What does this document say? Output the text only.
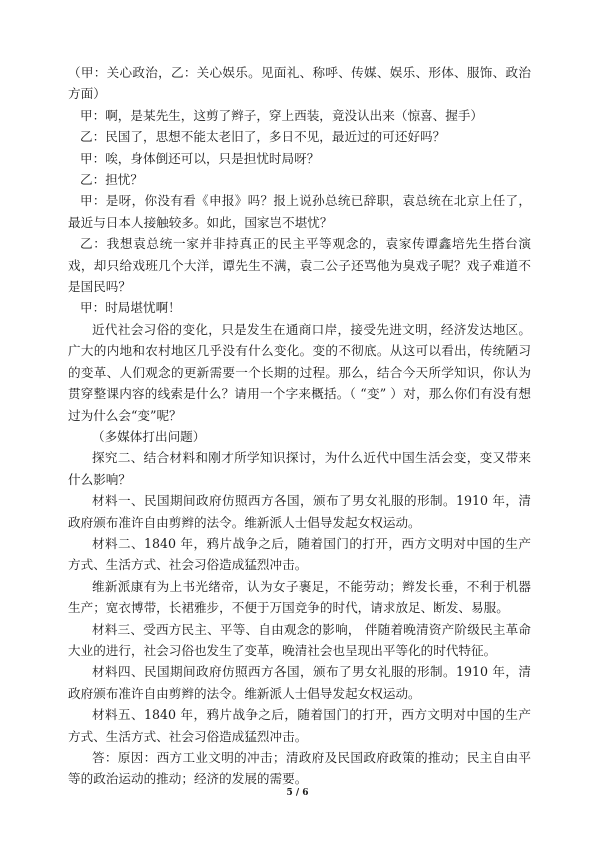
（甲：关心政治，乙：关心娱乐。见面礼、称呼、传媒、娱乐、形体、服饰、政治方面）

甲：啊，是某先生，这剪了辫子，穿上西装，竟没认出来（惊喜、握手）

乙：民国了，思想不能太老旧了，多日不见，最近过的可还好吗？

甲：唉，身体倒还可以，只是担忧时局呀？

乙：担忧？

甲：是呀，你没有看《申报》吗？报上说孙总统已辞职，袁总统在北京上任了，最近与日本人接触较多。如此，国家岂不堪忧？

乙：我想袁总统一家并非持真正的民主平等观念的，袁家传谭鑫培先生搭台演戏，却只给戏班几个大洋，谭先生不满，袁二公子还骂他为臭戏子呢？戏子难道不是国民吗？

甲：时局堪忧啊！

近代社会习俗的变化，只是发生在通商口岸，接受先进文明，经济发达地区。广大的内地和农村地区几乎没有什么变化。变的不彻底。从这可以看出，传统陋习的变革、人们观念的更新需要一个长期的过程。那么，结合今天所学知识，你认为贯穿整课内容的线索是什么？请用一个字来概括。（ “变” ）对，那么你们有没有想过为什么会“变”呢？

（多媒体打出问题）

探究二、结合材料和刚才所学知识探讨，为什么近代中国生活会变，变又带来什么影响？

材料一、民国期间政府仿照西方各国，颁布了男女礼服的形制。1910 年，清政府颁布准许自由剪辫的法令。维新派人士倡导发起女权运动。

材料二、1840 年，鸦片战争之后，随着国门的打开，西方文明对中国的生产方式、生活方式、社会习俗造成猛烈冲击。

维新派康有为上书光绪帝，认为女子裹足，不能劳动；辫发长垂，不利于机器生产；宽衣博带，长裙雅步，不便于万国竞争的时代，请求放足、断发、易服。

材料三、受西方民主、平等、自由观念的影响， 伴随着晚清资产阶级民主革命大业的进行，社会习俗也发生了变革，晚清社会也呈现出平等化的时代特征。

材料四、民国期间政府仿照西方各国，颁布了男女礼服的形制。1910 年，清政府颁布准许自由剪辫的法令。维新派人士倡导发起女权运动。

材料五、1840 年，鸦片战争之后，随着国门的打开，西方文明对中国的生产方式、生活方式、社会习俗造成猛烈冲击。

答：原因：西方工业文明的冲击；清政府及民国政府政策的推动；民主自由平等的政治运动的推动；经济的发展的需要。

5 / 6
